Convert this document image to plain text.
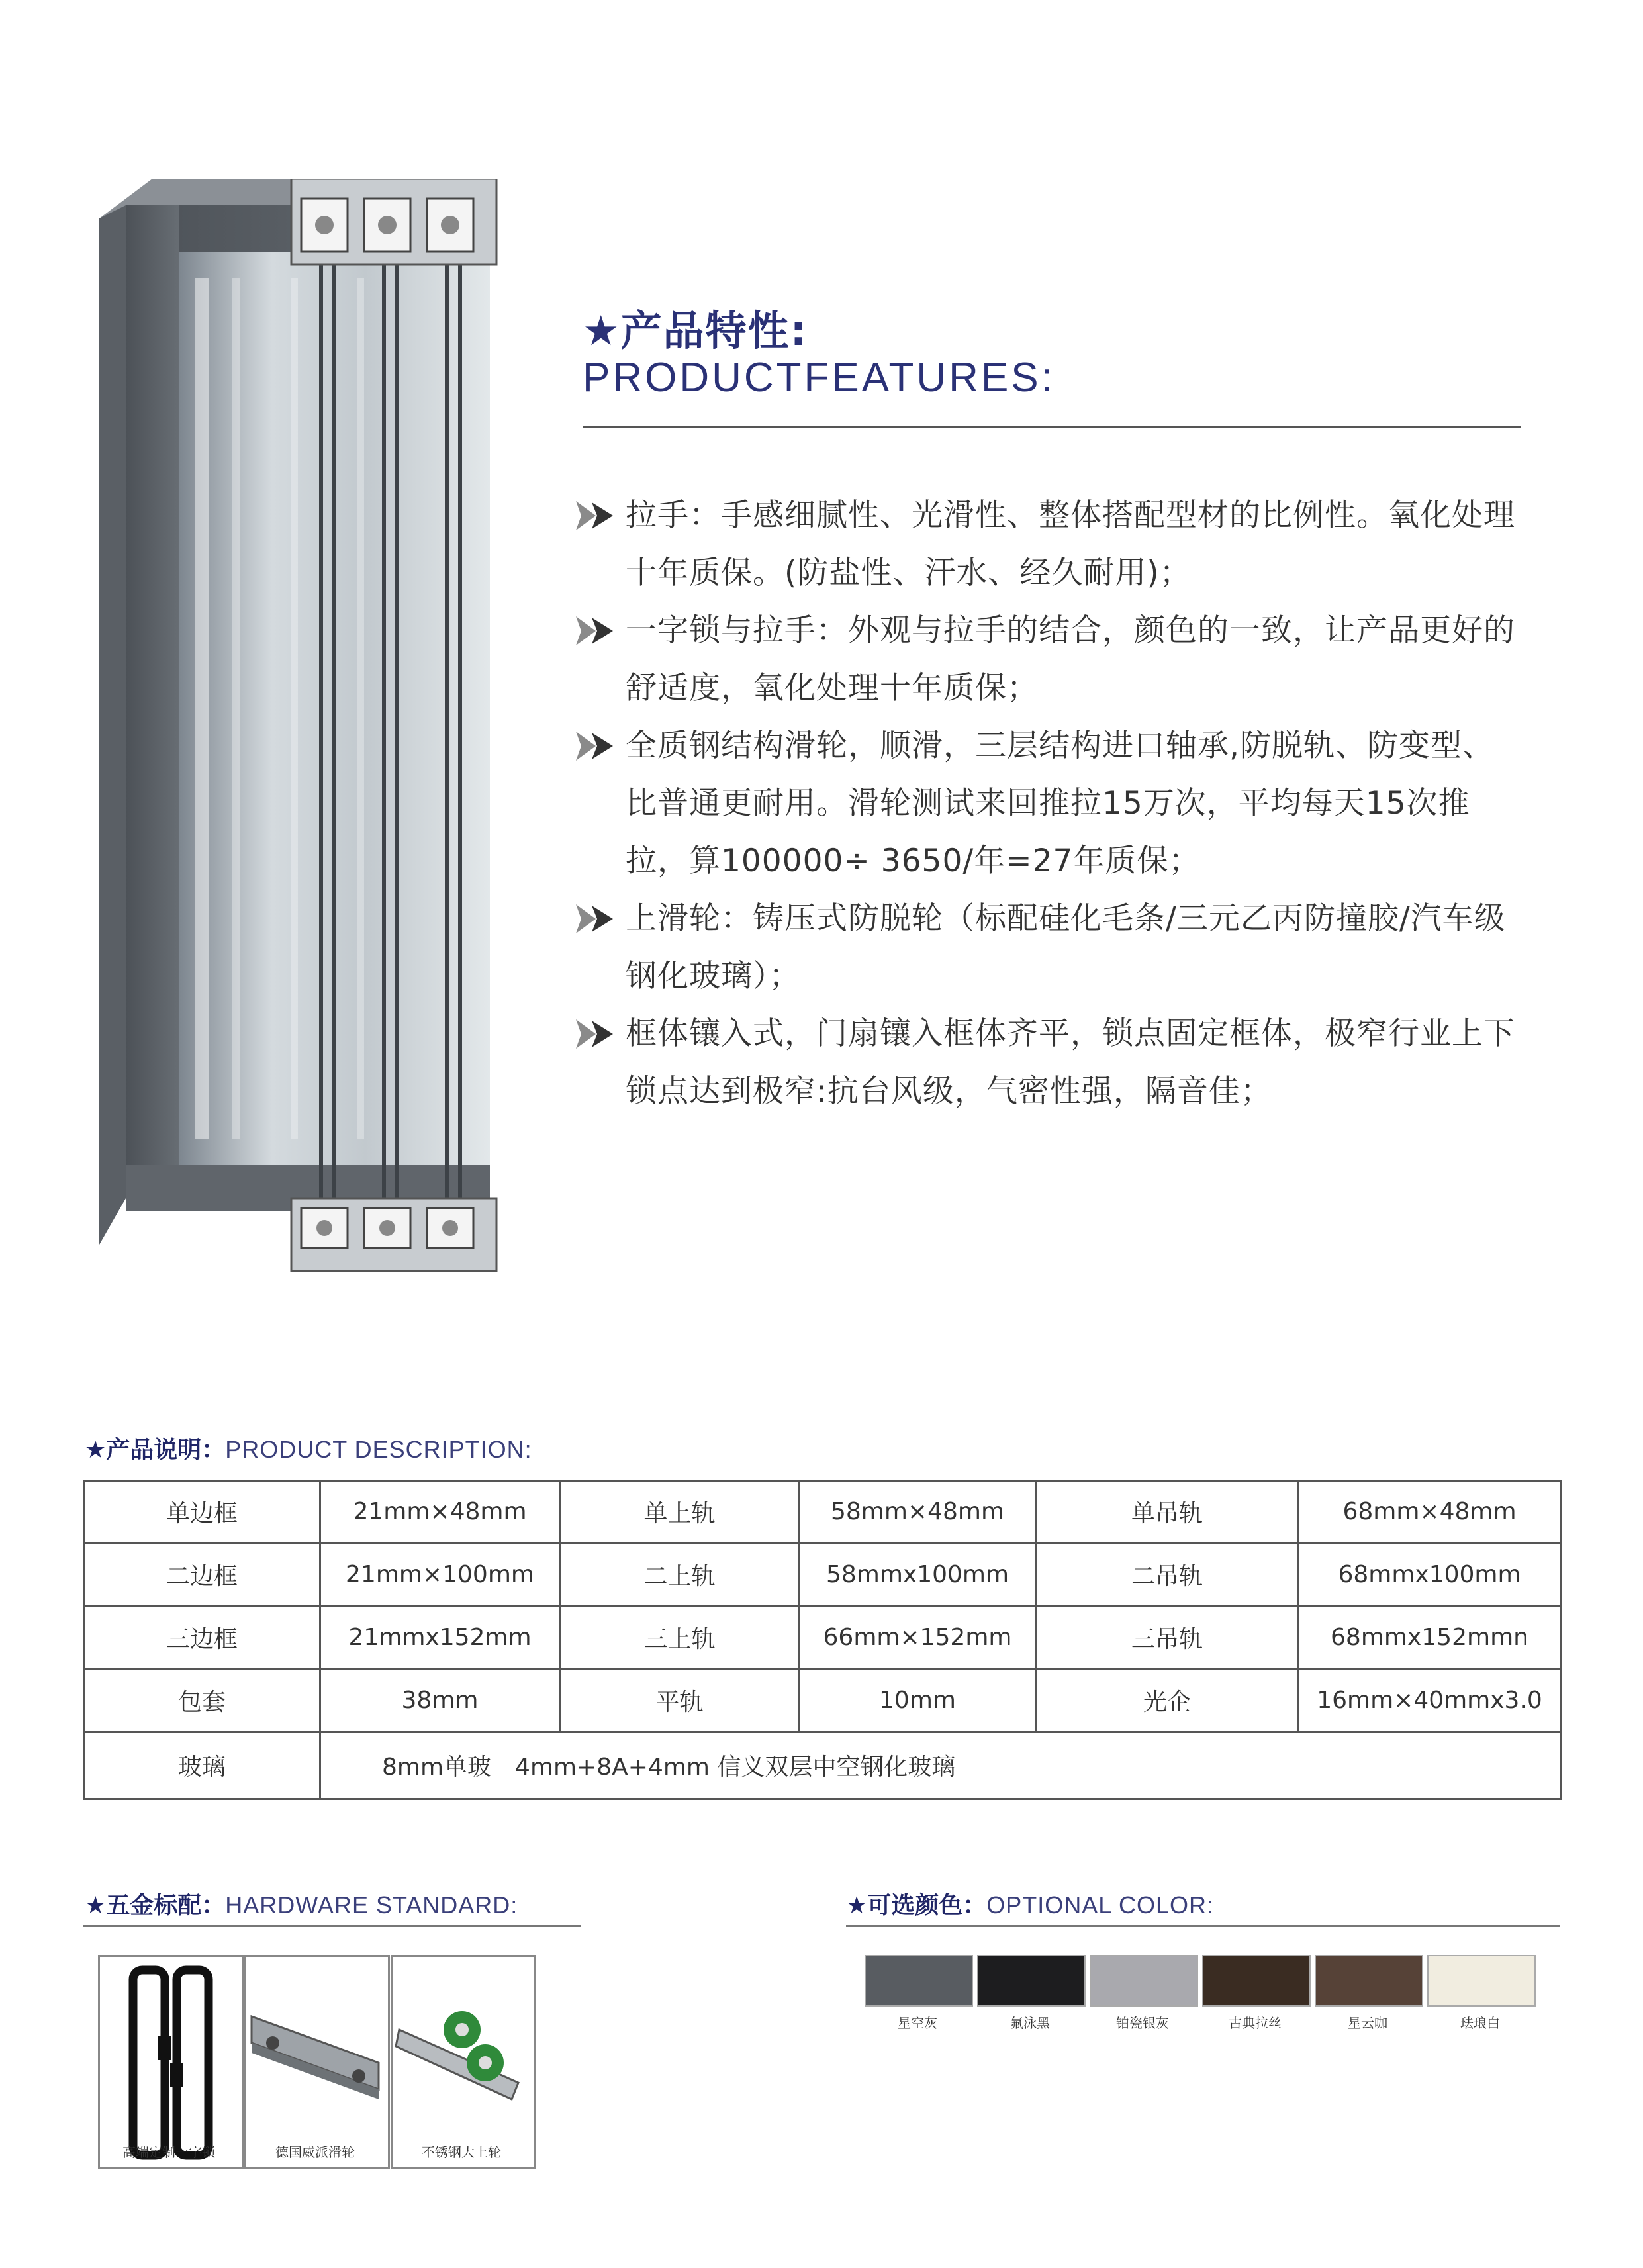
★产品特性:
PRODUCTFEATURES:
拉手：手感细腻性、光滑性、整体搭配型材的比例性。氧化处理十年质保。(防盐性、汗水、经久耐用)；
一字锁与拉手：外观与拉手的结合，颜色的一致，让产品更好的舒适度，氧化处理十年质保；
全质钢结构滑轮，顺滑，三层结构进口轴承,防脱轨、防变型、比普通更耐用。滑轮测试来回推拉15万次，平均每天15次推拉，算100000÷ 3650/年=27年质保；
上滑轮：铸压式防脱轮（标配硅化毛条/三元乙丙防撞胶/汽车级钢化玻璃）；
框体镶入式，门扇镶入框体齐平，锁点固定框体，极窄行业上下锁点达到极窄:抗台风级，气密性强，隔音佳；
★产品说明：PRODUCT DESCRIPTION:
单边框	21mm×48mm	单上轨	58mm×48mm	单吊轨	68mm×48mm
二边框	21mm×100mm	二上轨	58mmx100mm	二吊轨	68mmx100mm
三边框	21mmx152mm	三上轨	66mm×152mm	三吊轨	68mmx152mmn
包套	38mm	平轨	10mm	光企	16mm×40mmx3.0
玻璃	8mm单玻　4mm+8A+4mm 信义双层中空钢化玻璃				
★五金标配：HARDWARE STANDARD:
高端定制一字锁	德国威派滑轮	不锈钢大上轮
★可选颜色：OPTIONAL COLOR:
星空灰	氟泳黑	铂瓷银灰	古典拉丝	星云咖	珐琅白
